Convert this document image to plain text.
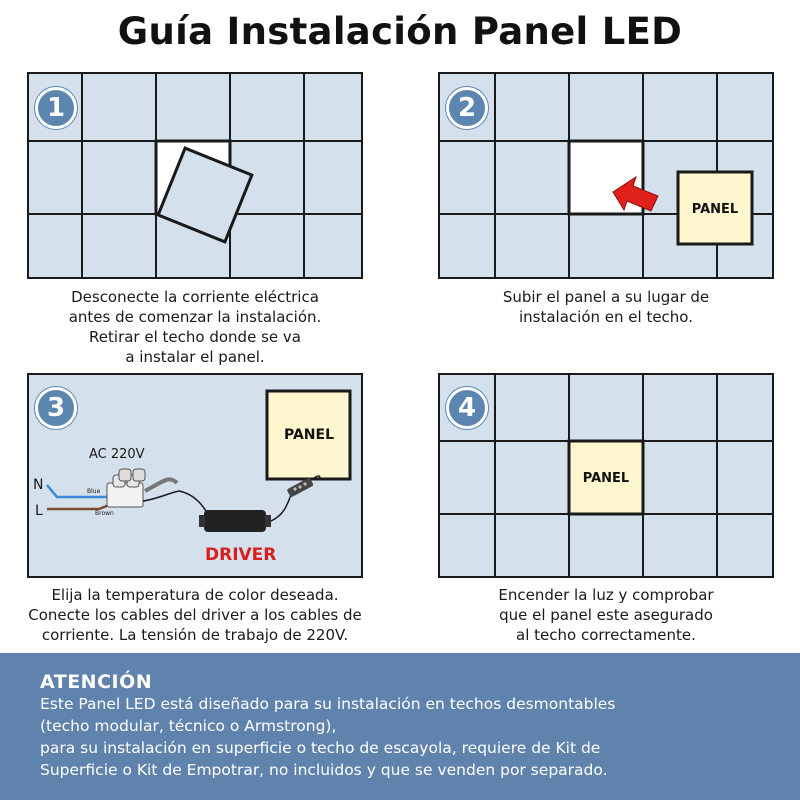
Guía Instalación Panel LED
1
Desconecte la corriente eléctrica
antes de comenzar la instalación.
Retirar el techo donde se va
a instalar el panel.
PANEL
2
Subir el panel a su lugar de
instalación en el techo.
PANEL
AC 220V
N
L
Blue
Brown
DRIVER
3
Elija la temperatura de color deseada.
Conecte los cables del driver a los cables de
corriente. La tensión de trabajo de 220V.
PANEL
4
Encender la luz y comprobar
que el panel este asegurado
al techo correctamente.
ATENCIÓN
Este Panel LED está diseñado para su instalación en techos desmontables
(techo modular, técnico o Armstrong),
para su instalación en superficie o techo de escayola, requiere de Kit de
Superficie o Kit de Empotrar, no incluidos y que se venden por separado.
